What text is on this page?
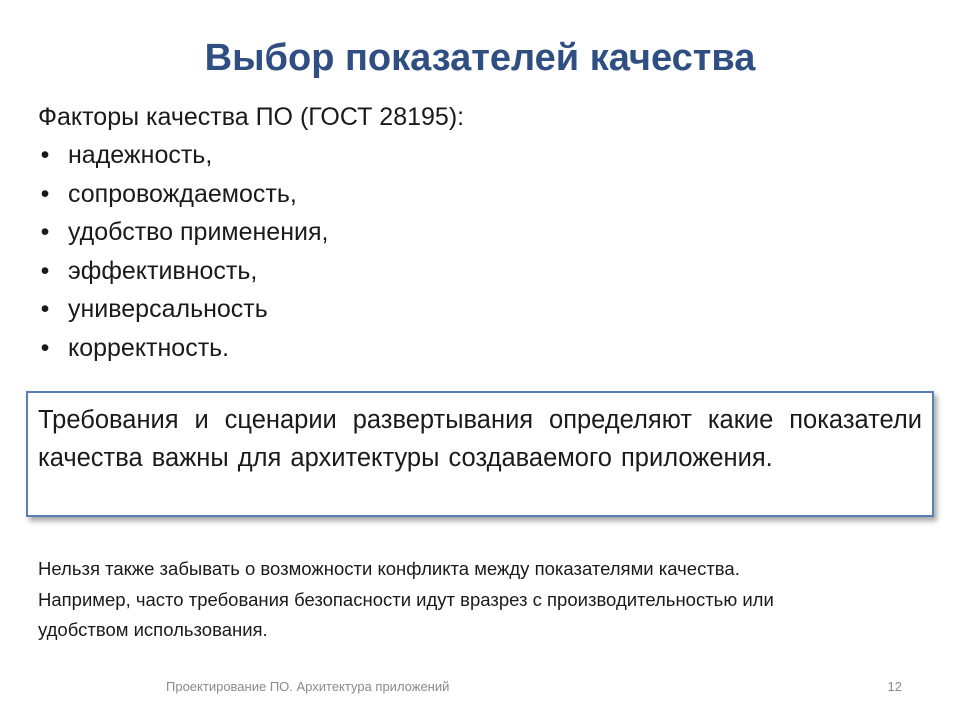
Выбор показателей качества
Факторы качества ПО (ГОСТ 28195):
• надежность,
• сопровождаемость,
• удобство применения,
• эффективность,
• универсальность
• корректность.
Требования и сценарии развертывания определяют какие показатели качества важны для архитектуры создаваемого приложения.
Нельзя также забывать о возможности конфликта между показателями качества.
Например, часто требования безопасности идут вразрез с производительностью или
удобством использования.
Проектирование ПО. Архитектура приложений	12
